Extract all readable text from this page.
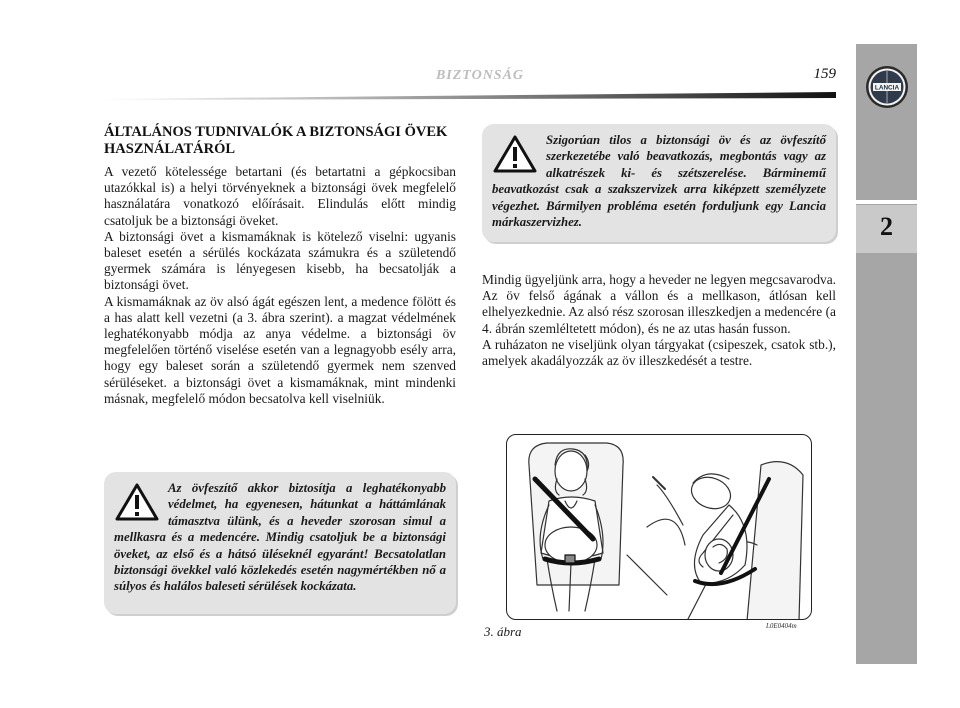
LANCIA
2
BIZTONSÁG	159
ÁLTALÁNOS TUDNIVALÓK A BIZTONSÁGI ÖVEK HASZNÁLATÁRÓL

A vezető kötelessége betartani (és betartatni a gépkocsiban utazókkal is) a helyi törvényeknek a biztonsági övek megfelelő használatára vonatkozó előírásait. Elindulás előtt mindig csatoljuk be a biztonsági öveket.

A biztonsági övet a kismamáknak is kötelező viselni: ugyanis baleset esetén a sérülés kockázata számukra és a születendő gyermek számára is lényegesen kisebb, ha becsatolják a biztonsági övet.

A kismamáknak az öv alsó ágát egészen lent, a medence fölött és a has alatt kell vezetni (a 3. ábra szerint). a magzat védelmének leghatékonyabb módja az anya védelme. a biztonsági öv megfelelően történő viselése esetén van a legnagyobb esély arra, hogy egy baleset során a születendő gyermek nem szenved sérüléseket. a biztonsági övet a kismamáknak, mint mindenki másnak, megfelelő módon becsatolva kell viselniük.

Az övfeszítő akkor biztosítja a leghatékonyabb védelmet, ha egyenesen, hátunkat a háttámlának támasztva ülünk, és a heveder szorosan simul a mellkasra és a medencére. Mindig csatoljuk be a biztonsági öveket, az első és a hátsó üléseknél egyaránt! Becsatolatlan biztonsági övekkel való közlekedés esetén nagymértékben nő a súlyos és halálos baleseti sérülések kockázata.
Szigorúan tilos a biztonsági öv és az övfeszítő szerkezetébe való beavatkozás, megbontás vagy az alkatrészek ki- és szétszerelése. Bárminemű beavatkozást csak a szakszervizek arra kiképzett személyzete végezhet. Bármilyen probléma esetén forduljunk egy Lancia márkaszervizhez.

Mindig ügyeljünk arra, hogy a heveder ne legyen megcsavarodva. Az öv felső ágának a vállon és a mellkason, átlósan kell elhelyezkednie. Az alsó rész szorosan illeszkedjen a medencére (a 4. ábrán szemléltetett módon), és ne az utas hasán fusson.

A ruházaton ne viseljünk olyan tárgyakat (csipeszek, csatok stb.), amelyek akadályozzák az öv illeszkedését a testre.

L0E0404m
3. ábra
